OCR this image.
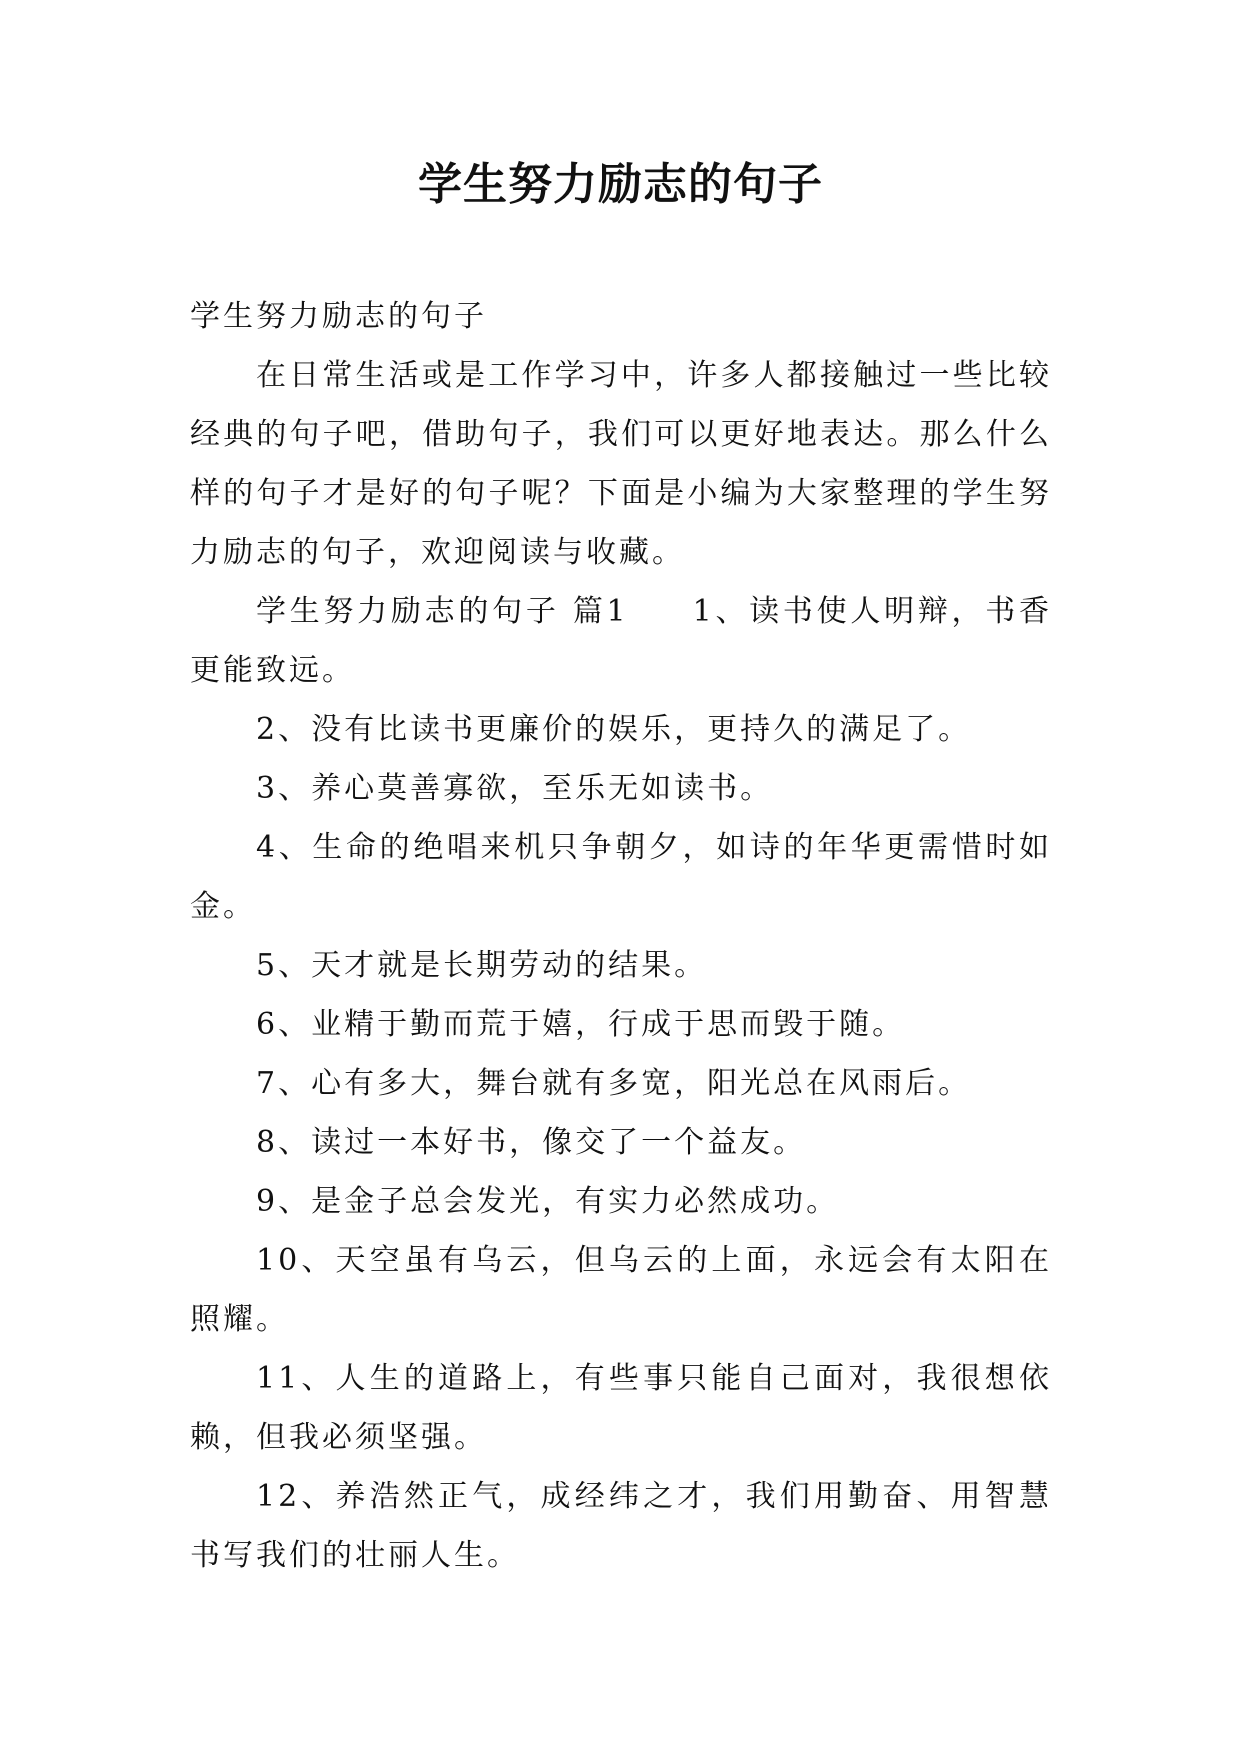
学生努力励志的句子

学生努力励志的句子

在日常生活或是工作学习中，许多人都接触过一些比较经典的句子吧，借助句子，我们可以更好地表达。那么什么样的句子才是好的句子呢？下面是小编为大家整理的学生努力励志的句子，欢迎阅读与收藏。

学生努力励志的句子 篇1 1、读书使人明辩，书香更能致远。

2、没有比读书更廉价的娱乐，更持久的满足了。

3、养心莫善寡欲，至乐无如读书。

4、生命的绝唱来机只争朝夕，如诗的年华更需惜时如金。

5、天才就是长期劳动的结果。

6、业精于勤而荒于嬉，行成于思而毁于随。

7、心有多大，舞台就有多宽，阳光总在风雨后。

8、读过一本好书，像交了一个益友。

9、是金子总会发光，有实力必然成功。

10、天空虽有乌云，但乌云的上面，永远会有太阳在照耀。

11、人生的道路上，有些事只能自己面对，我很想依赖，但我必须坚强。

12、养浩然正气，成经纬之才，我们用勤奋、用智慧书写我们的壮丽人生。
